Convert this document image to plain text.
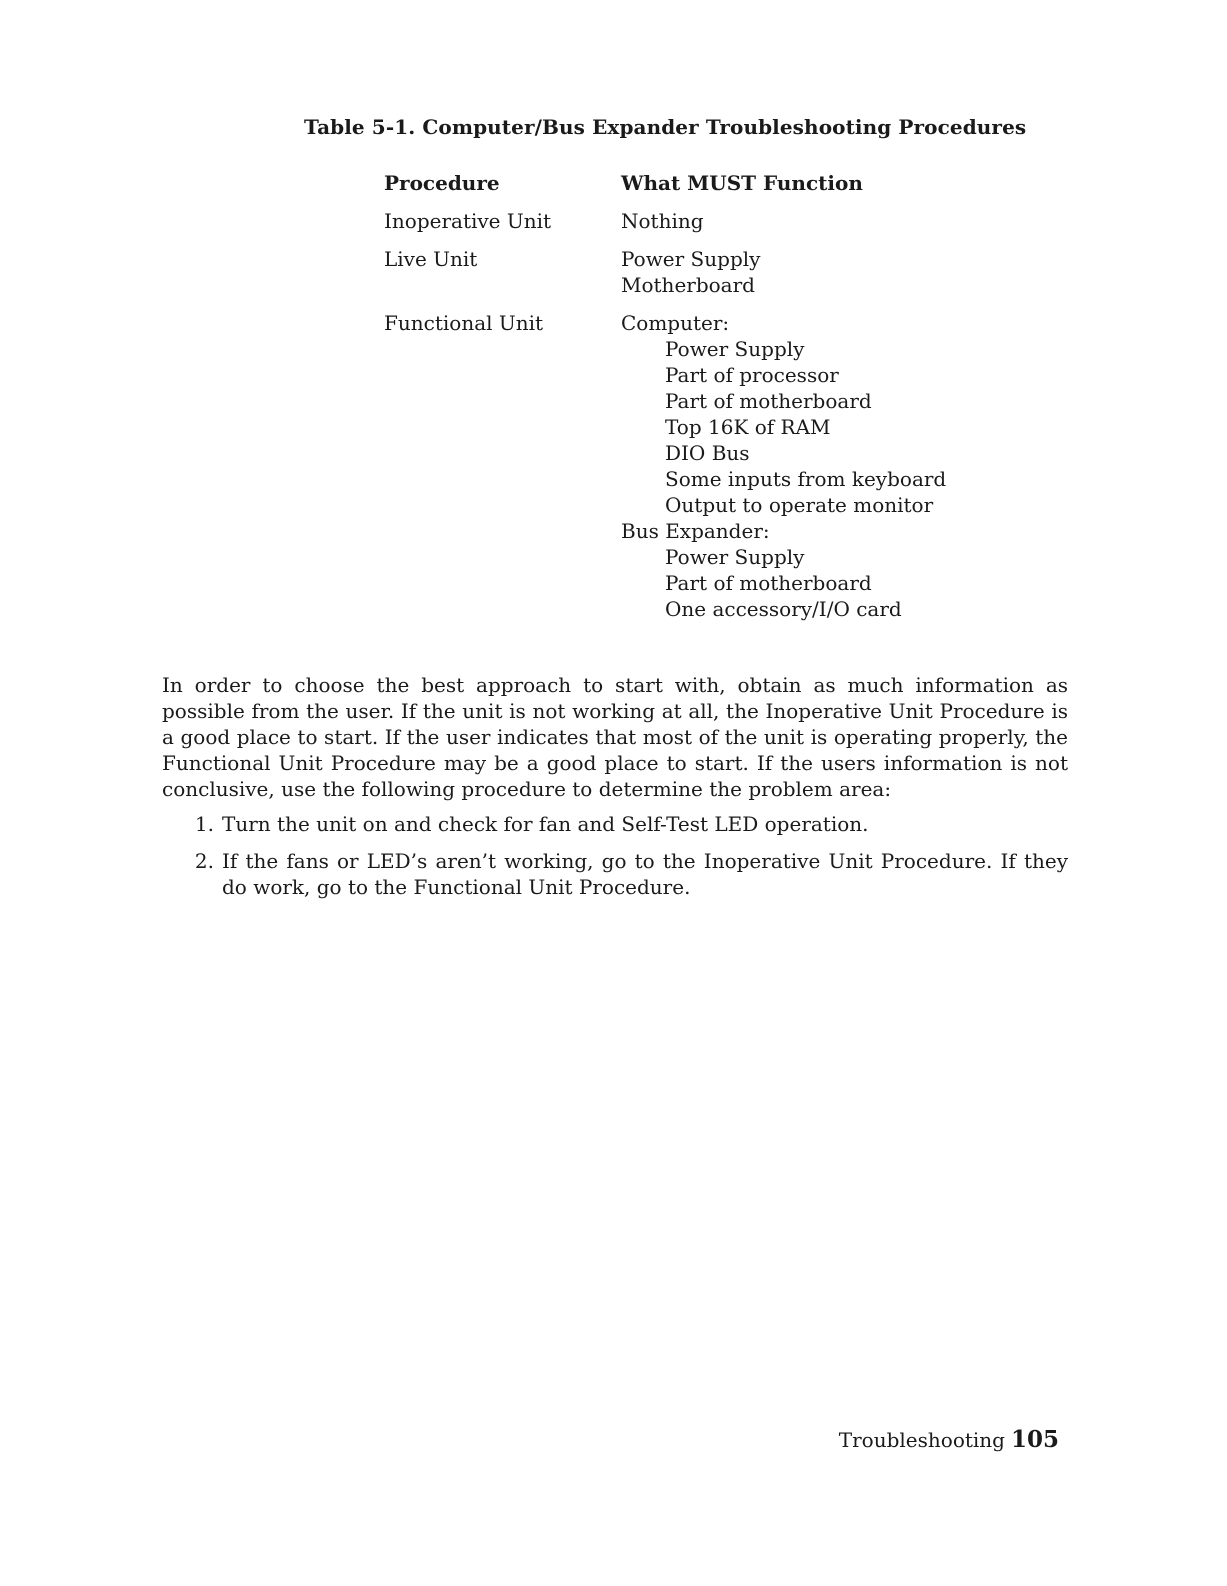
Table 5-1. Computer/Bus Expander Troubleshooting Procedures
Procedure	What MUST Function
Inoperative Unit	Nothing
Live Unit	Power Supply
Motherboard
Functional Unit	Computer:
Power Supply
Part of processor
Part of motherboard
Top 16K of RAM
DIO Bus
Some inputs from keyboard
Output to operate monitor
Bus Expander:
Power Supply
Part of motherboard
One accessory/I/O card

In order to choose the best approach to start with, obtain as much information as possible from the user. If the unit is not working at all, the Inoperative Unit Procedure is a good place to start. If the user indicates that most of the unit is operating properly, the Functional Unit Procedure may be a good place to start. If the users information is not conclusive, use the following procedure to determine the problem area:

1. Turn the unit on and check for fan and Self-Test LED operation.
2. If the fans or LED’s aren’t working, go to the Inoperative Unit Procedure. If they do work, go to the Functional Unit Procedure.
Troubleshooting 105
